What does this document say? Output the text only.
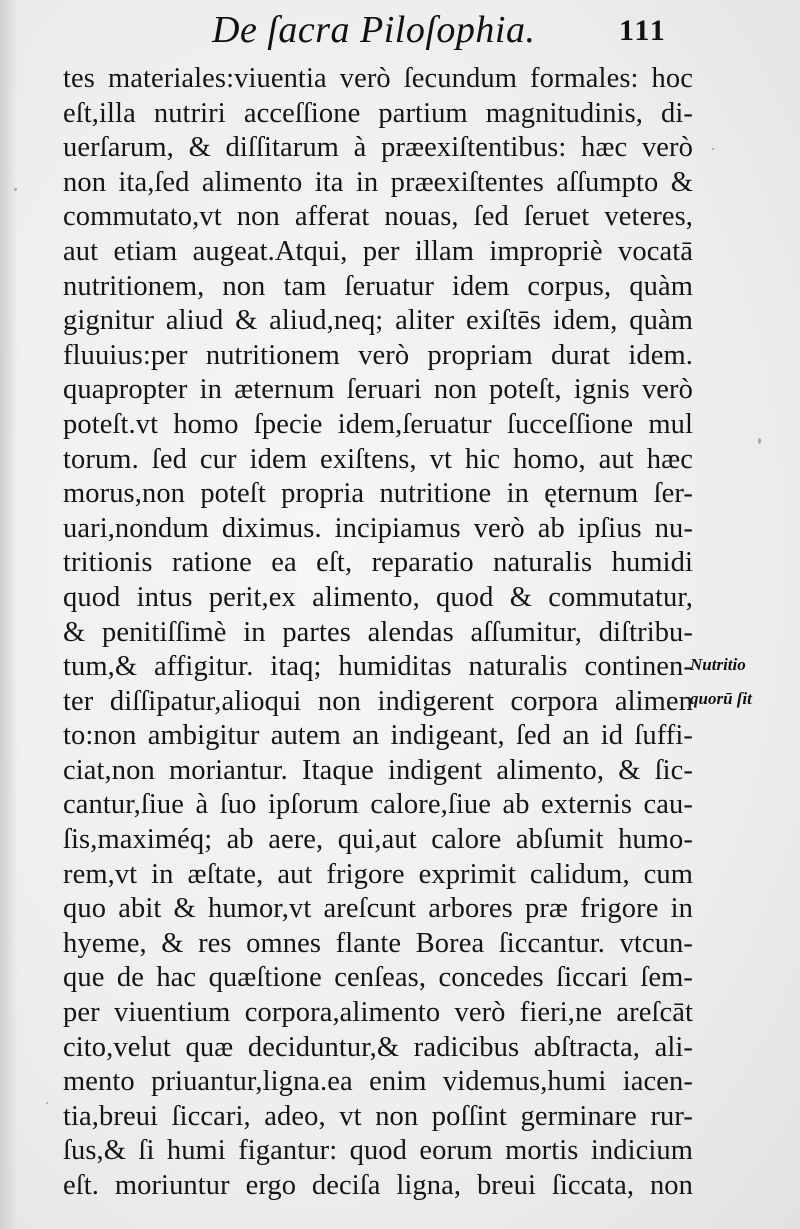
De ſacra Piloſophia.	111
tes materiales:viuentia verò ſecundum formales: hoc
eſt,illa nutriri acceſſione partium magnitudinis, di-
uerſarum, & diſſitarum à præexiſtentibus: hæc verò
non ita,ſed alimento ita in præexiſtentes aſſumpto &
commutato,vt non afferat nouas, ſed ſeruet veteres,
aut etiam augeat.Atqui, per illam impropriè vocatā
nutritionem, non tam ſeruatur idem corpus, quàm
gignitur aliud & aliud,neq; aliter exiſtēs idem, quàm
fluuius:per nutritionem verò propriam durat idem.
quapropter in æternum ſeruari non poteſt, ignis verò
poteſt.vt homo ſpecie idem,ſeruatur ſucceſſione mul
torum. ſed cur idem exiſtens, vt hic homo, aut hæc
morus,non poteſt propria nutritione in ęternum ſer-
uari,nondum diximus. incipiamus verò ab ipſius nu-
tritionis ratione ea eſt, reparatio naturalis humidi
quod intus perit,ex alimento, quod & commutatur,
& penitiſſimè in partes alendas aſſumitur, diſtribu-
tum,& affigitur. itaq; humiditas naturalis continen-
ter diſſipatur,alioqui non indigerent corpora alimen
to:non ambigitur autem an indigeant, ſed an id ſuffi-
ciat,non moriantur. Itaque indigent alimento, & ſic-
cantur,ſiue à ſuo ipſorum calore,ſiue ab externis cau-
ſis,maximéq; ab aere, qui,aut calore abſumit humo-
rem,vt in æſtate, aut frigore exprimit calidum, cum
quo abit & humor,vt areſcunt arbores præ frigore in
hyeme, & res omnes flante Borea ſiccantur. vtcun-
que de hac quæſtione cenſeas, concedes ſiccari ſem-
per viuentium corpora,alimento verò fieri,ne areſcāt
cito,velut quæ deciduntur,& radicibus abſtracta, ali-
mento priuantur,ligna.ea enim videmus,humi iacen-
tia,breui ſiccari, adeo, vt non poſſint germinare rur-
ſus,& ſi humi figantur: quod eorum mortis indicium
eſt. moriuntur ergo deciſa ligna, breui ſiccata, non
Nutritio
quorū ſit
